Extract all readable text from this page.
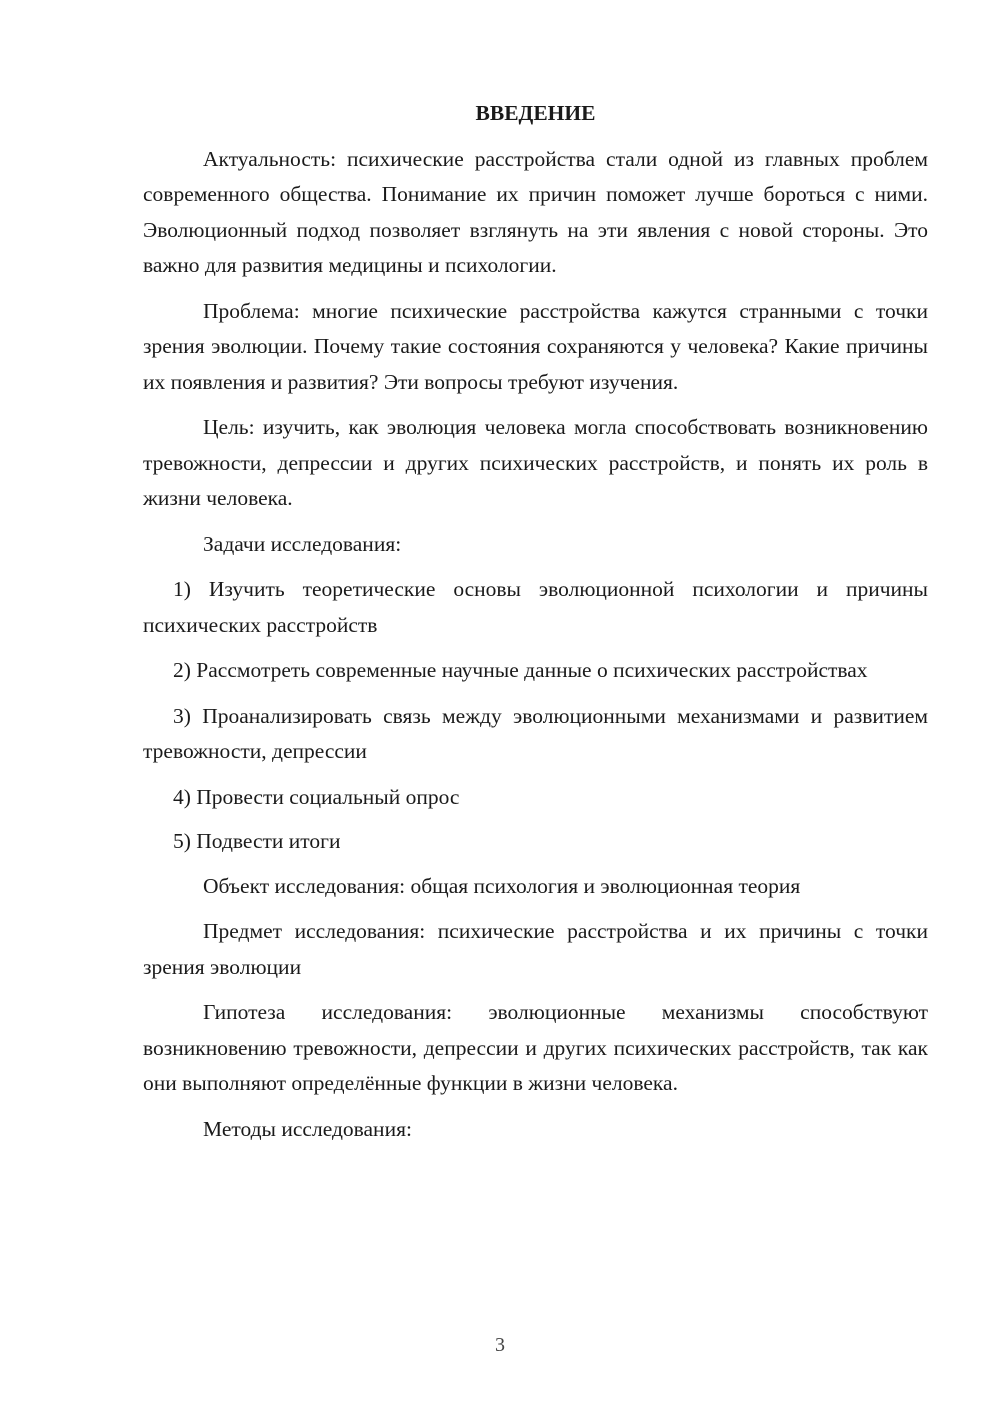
ВВЕДЕНИЕ

Актуальность: психические расстройства стали одной из главных проблем современного общества. Понимание их причин поможет лучше бороться с ними. Эволюционный подход позволяет взглянуть на эти явления с новой стороны. Это важно для развития медицины и психологии.

Проблема: многие психические расстройства кажутся странными с точки зрения эволюции. Почему такие состояния сохраняются у человека? Какие причины их появления и развития? Эти вопросы требуют изучения.

Цель: изучить, как эволюция человека могла способствовать возникновению тревожности, депрессии и других психических расстройств, и понять их роль в жизни человека.

Задачи исследования:

1) Изучить теоретические основы эволюционной психологии и причины психических расстройств

2) Рассмотреть современные научные данные о психических расстройствах

3) Проанализировать связь между эволюционными механизмами и развитием тревожности, депрессии

4) Провести социальный опрос

5) Подвести итоги

Объект исследования: общая психология и эволюционная теория

Предмет исследования: психические расстройства и их причины с точки зрения эволюции

Гипотеза исследования: эволюционные механизмы способствуют возникновению тревожности, депрессии и других психических расстройств, так как они выполняют определённые функции в жизни человека.

Методы исследования:

3
